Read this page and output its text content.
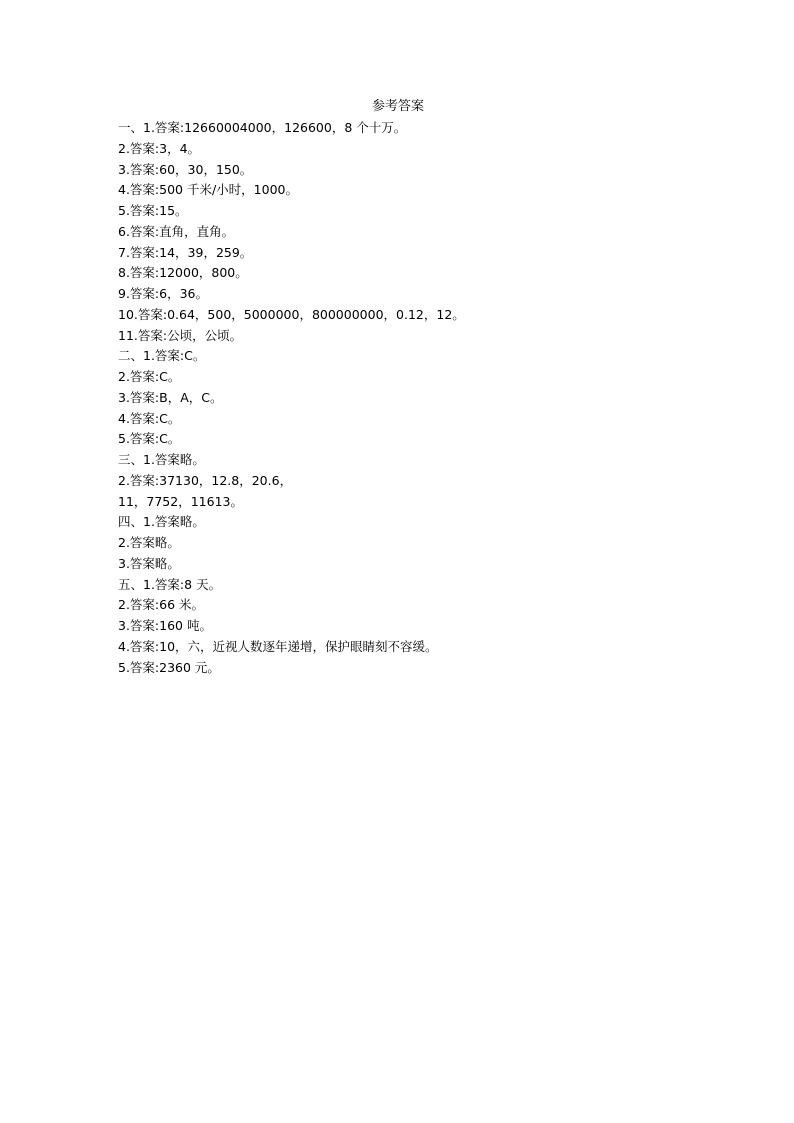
参考答案
一、1.答案:12660004000，126600，8 个十万。
2.答案:3，4。
3.答案:60，30，150。
4.答案:500 千米/小时，1000。
5.答案:15。
6.答案:直角，直角。
7.答案:14，39，259。
8.答案:12000，800。
9.答案:6，36。
10.答案:0.64，500，5000000，800000000，0.12，12。
11.答案:公顷，公顷。
二、1.答案:C。
2.答案:C。
3.答案:B，A，C。
4.答案:C。
5.答案:C。
三、1.答案略。
2.答案:37130，12.8，20.6，
11，7752，11613。
四、1.答案略。
2.答案略。
3.答案略。
五、1.答案:8 天。
2.答案:66 米。
3.答案:160 吨。
4.答案:10，六，近视人数逐年递增，保护眼睛刻不容缓。
5.答案:2360 元。
